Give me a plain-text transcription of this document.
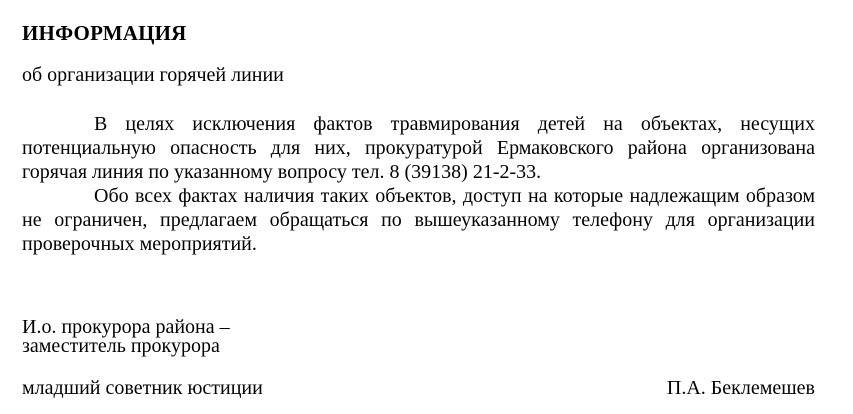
ИНФОРМАЦИЯ
об организации горячей линии

В целях исключения фактов травмирования детей на объектах, несущих потенциальную опасность для них, прокуратурой Ермаковского района организована горячая линия по указанному вопросу тел. 8 (39138) 21-2-33.

Обо всех фактах наличия таких объектов, доступ на которые надлежащим образом не ограничен, предлагаем обращаться по вышеуказанному телефону для организации проверочных мероприятий.

И.о. прокурора района –
заместитель прокурора
младший советник юстиции	П.А. Беклемешев
